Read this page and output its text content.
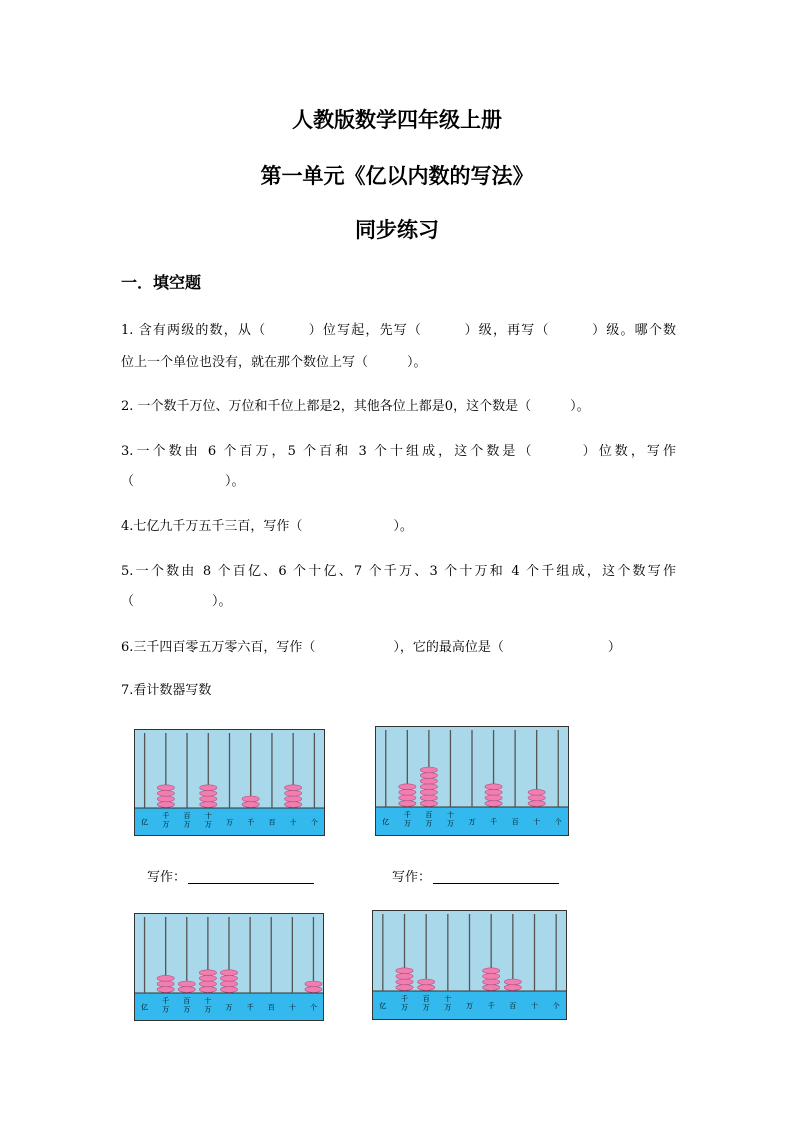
人教版数学四年级上册
第一单元《亿以内数的写法》
同步练习
一．填空题
1. 含有两级的数，从（　　　）位写起，先写（　　　）级，再写（　　　）级。哪个数
位上一个单位也没有，就在那个数位上写（　　　）。
2. 一个数千万位、万位和千位上都是2，其他各位上都是0，这个数是（　　　）。
3.一个数由 6 个百万，5 个百和 3 个十组成，这个数是（　　　）位数，写作
（　　　　　　　）。
4.七亿九千万五千三百，写作（　　　　　　　）。
5.一个数由 8 个百亿、6 个十亿、7 个千万、3 个十万和 4 个千组成，这个数写作
（　　　　　　）。
6.三千四百零五万零六百，写作（　　　　　　），它的最高位是（　　　　　　　　）
7.看计数器写数
亿
千
万
百
万
十
万 万 千 百 十 个	亿
千
万
百
万
十
万 万 千 百 十 个
亿
千
万
百
万
十
万 万 千 百 十 个	亿
千
万
百
万
十
万 万 千 百 十 个
写作：	写作：
